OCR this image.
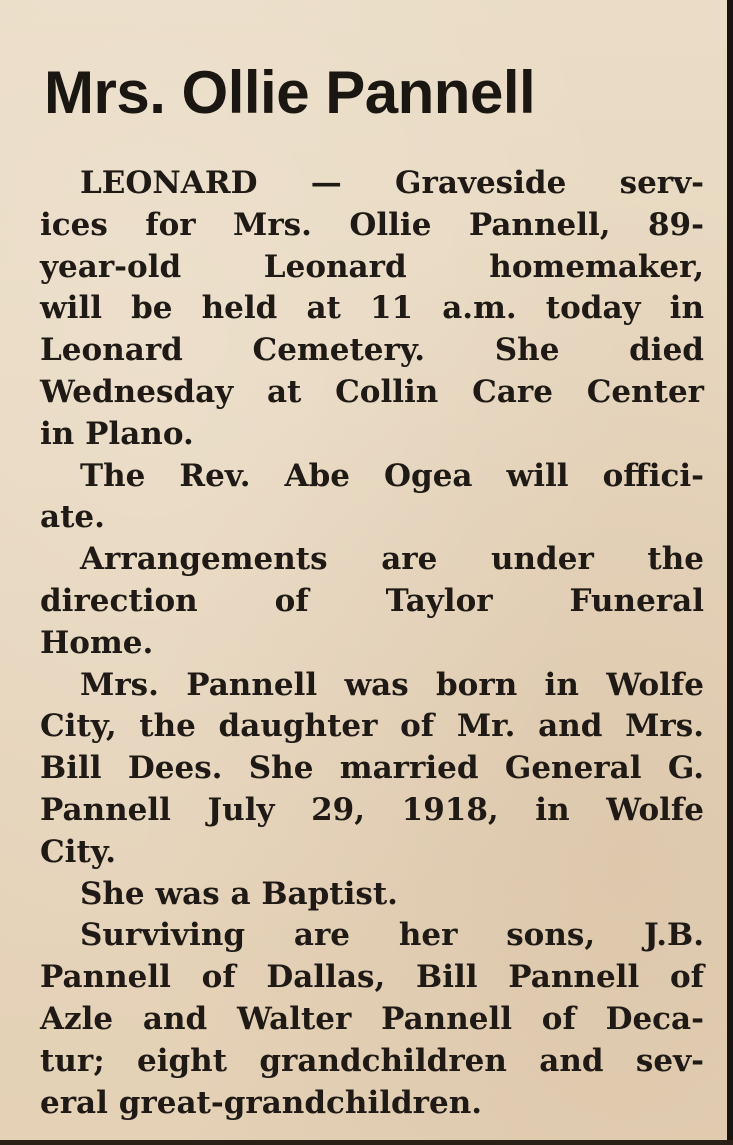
Mrs. Ollie Pannell
LEONARD — Graveside serv-
ices for Mrs. Ollie Pannell, 89-
year-old Leonard homemaker,
will be held at 11 a.m. today in
Leonard Cemetery. She died
Wednesday at Collin Care Center
in Plano.
The Rev. Abe Ogea will offici-
ate.
Arrangements are under the
direction of Taylor Funeral
Home.
Mrs. Pannell was born in Wolfe
City, the daughter of Mr. and Mrs.
Bill Dees. She married General G.
Pannell July 29, 1918, in Wolfe
City.
She was a Baptist.
Surviving are her sons, J.B.
Pannell of Dallas, Bill Pannell of
Azle and Walter Pannell of Deca-
tur; eight grandchildren and sev-
eral great-grandchildren.
